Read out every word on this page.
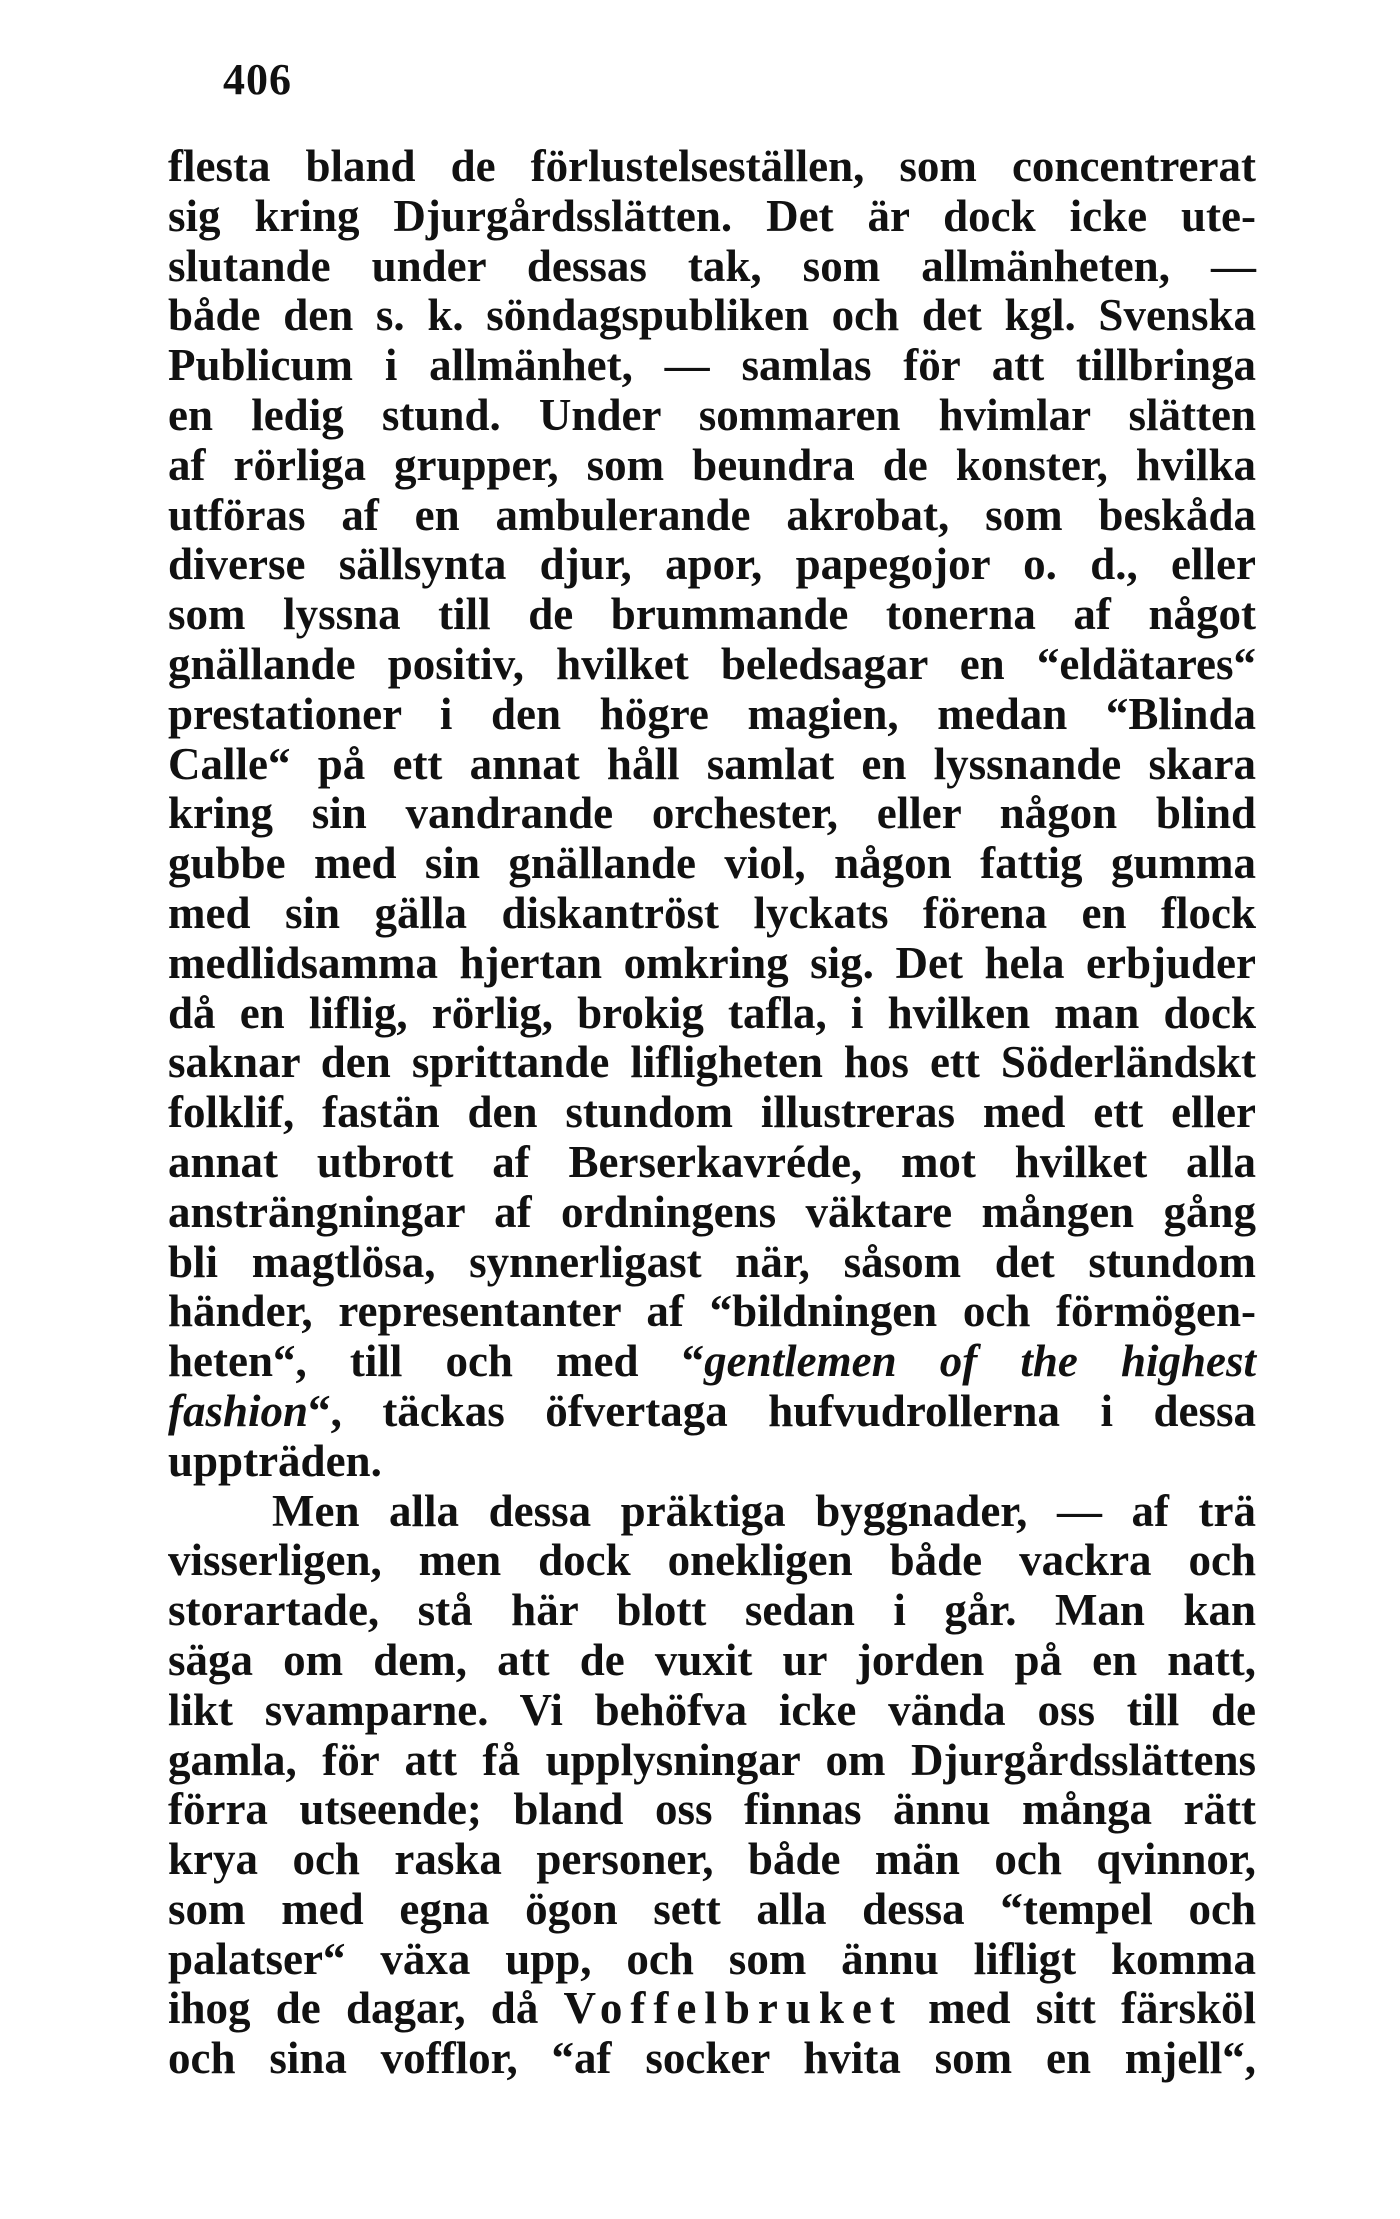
406
flesta bland de förlustelseställen, som concentrerat
sig kring Djurgårdsslätten. Det är dock icke ute-
slutande under dessas tak, som allmänheten, —
både den s. k. söndagspubliken och det kgl. Svenska
Publicum i allmänhet, — samlas för att tillbringa
en ledig stund. Under sommaren hvimlar slätten
af rörliga grupper, som beundra de konster, hvilka
utföras af en ambulerande akrobat, som beskåda
diverse sällsynta djur, apor, papegojor o. d., eller
som lyssna till de brummande tonerna af något
gnällande positiv, hvilket beledsagar en “eldätares“
prestationer i den högre magien, medan “Blinda
Calle“ på ett annat håll samlat en lyssnande skara
kring sin vandrande orchester, eller någon blind
gubbe med sin gnällande viol, någon fattig gumma
med sin gälla diskantröst lyckats förena en flock
medlidsamma hjertan omkring sig. Det hela erbjuder
då en liflig, rörlig, brokig tafla, i hvilken man dock
saknar den sprittande lifligheten hos ett Söderländskt
folklif, fastän den stundom illustreras med ett eller
annat utbrott af Berserkavréde, mot hvilket alla
ansträngningar af ordningens väktare mången gång
bli magtlösa, synnerligast när, såsom det stundom
händer, representanter af “bildningen och förmögen-
heten“, till och med “gentlemen of the highest
fashion“, täckas öfvertaga hufvudrollerna i dessa
uppträden.
Men alla dessa präktiga byggnader, — af trä
visserligen, men dock onekligen både vackra och
storartade, stå här blott sedan i går. Man kan
säga om dem, att de vuxit ur jorden på en natt,
likt svamparne. Vi behöfva icke vända oss till de
gamla, för att få upplysningar om Djurgårdsslättens
förra utseende; bland oss finnas ännu många rätt
krya och raska personer, både män och qvinnor,
som med egna ögon sett alla dessa “tempel och
palatser“ växa upp, och som ännu lifligt komma
ihog de dagar, då Voffelbruket med sitt färsköl
och sina vofflor, “af socker hvita som en mjell“,
